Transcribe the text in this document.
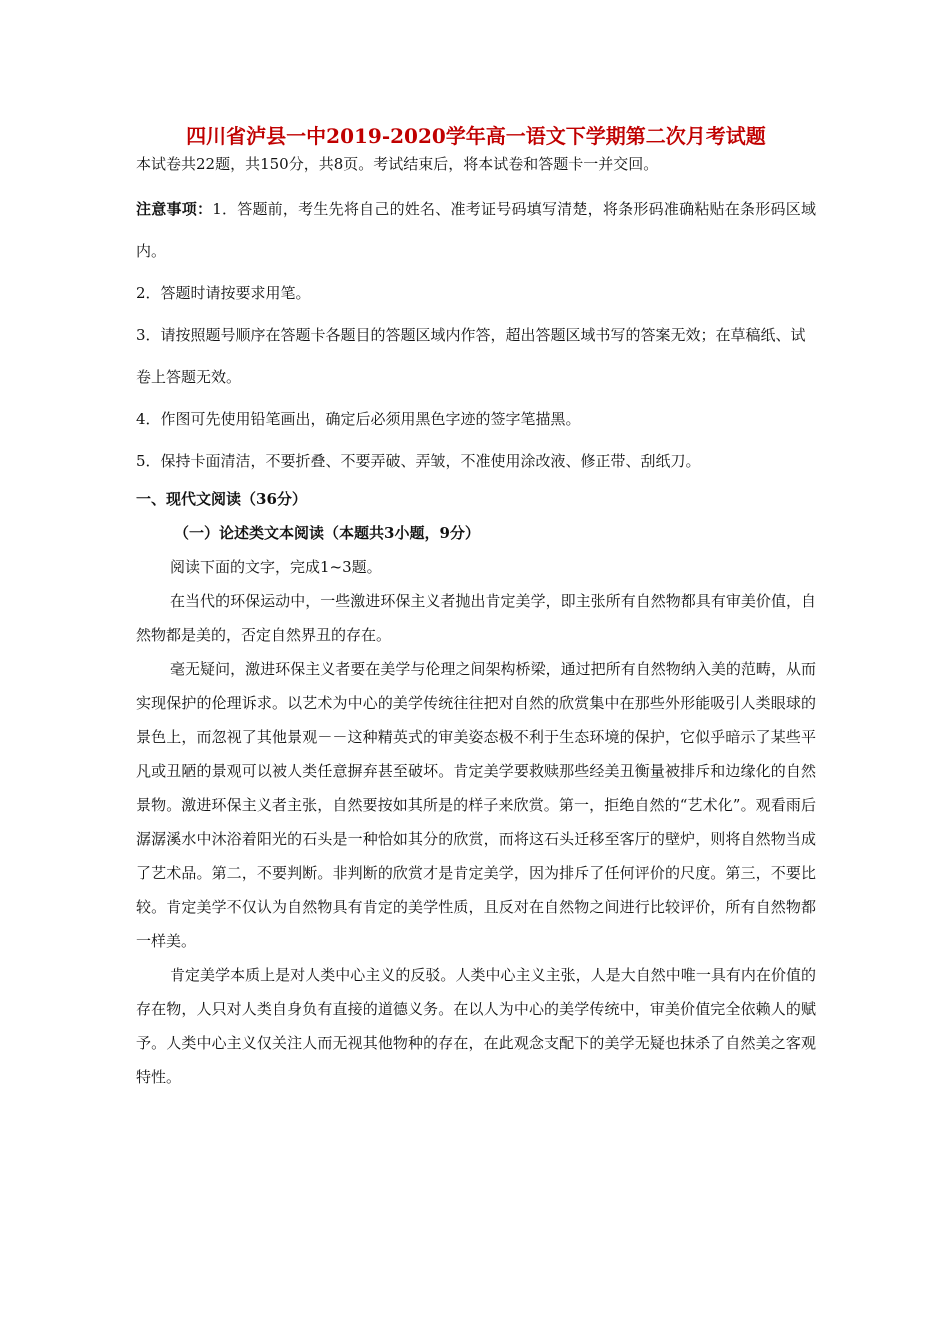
四川省泸县一中2019-2020学年高一语文下学期第二次月考试题

本试卷共22题，共150分，共8页。考试结束后，将本试卷和答题卡一并交回。

注意事项：1．答题前，考生先将自己的姓名、准考证号码填写清楚，将条形码准确粘贴在条形码区域内。

2．答题时请按要求用笔。

3．请按照题号顺序在答题卡各题目的答题区域内作答，超出答题区域书写的答案无效；在草稿纸、试卷上答题无效。

4．作图可先使用铅笔画出，确定后必须用黑色字迹的签字笔描黑。

5．保持卡面清洁，不要折叠、不要弄破、弄皱，不准使用涂改液、修正带、刮纸刀。

一、现代文阅读（36分）

（一）论述类文本阅读（本题共3小题，9分）

阅读下面的文字，完成1~3题。

在当代的环保运动中，一些激进环保主义者抛出肯定美学，即主张所有自然物都具有审美价值，自然物都是美的，否定自然界丑的存在。

毫无疑问，激进环保主义者要在美学与伦理之间架构桥梁，通过把所有自然物纳入美的范畴，从而实现保护的伦理诉求。以艺术为中心的美学传统往往把对自然的欣赏集中在那些外形能吸引人类眼球的景色上，而忽视了其他景观－－这种精英式的审美姿态极不利于生态环境的保护，它似乎暗示了某些平凡或丑陋的景观可以被人类任意摒弃甚至破坏。肯定美学要救赎那些经美丑衡量被排斥和边缘化的自然景物。激进环保主义者主张，自然要按如其所是的样子来欣赏。第一，拒绝自然的“艺术化”。观看雨后潺潺溪水中沐浴着阳光的石头是一种恰如其分的欣赏，而将这石头迁移至客厅的壁炉，则将自然物当成了艺术品。第二，不要判断。非判断的欣赏才是肯定美学，因为排斥了任何评价的尺度。第三，不要比较。肯定美学不仅认为自然物具有肯定的美学性质，且反对在自然物之间进行比较评价，所有自然物都一样美。

肯定美学本质上是对人类中心主义的反驳。人类中心主义主张，人是大自然中唯一具有内在价值的存在物，人只对人类自身负有直接的道德义务。在以人为中心的美学传统中，审美价值完全依赖人的赋予。人类中心主义仅关注人而无视其他物种的存在，在此观念支配下的美学无疑也抹杀了自然美之客观特性。
